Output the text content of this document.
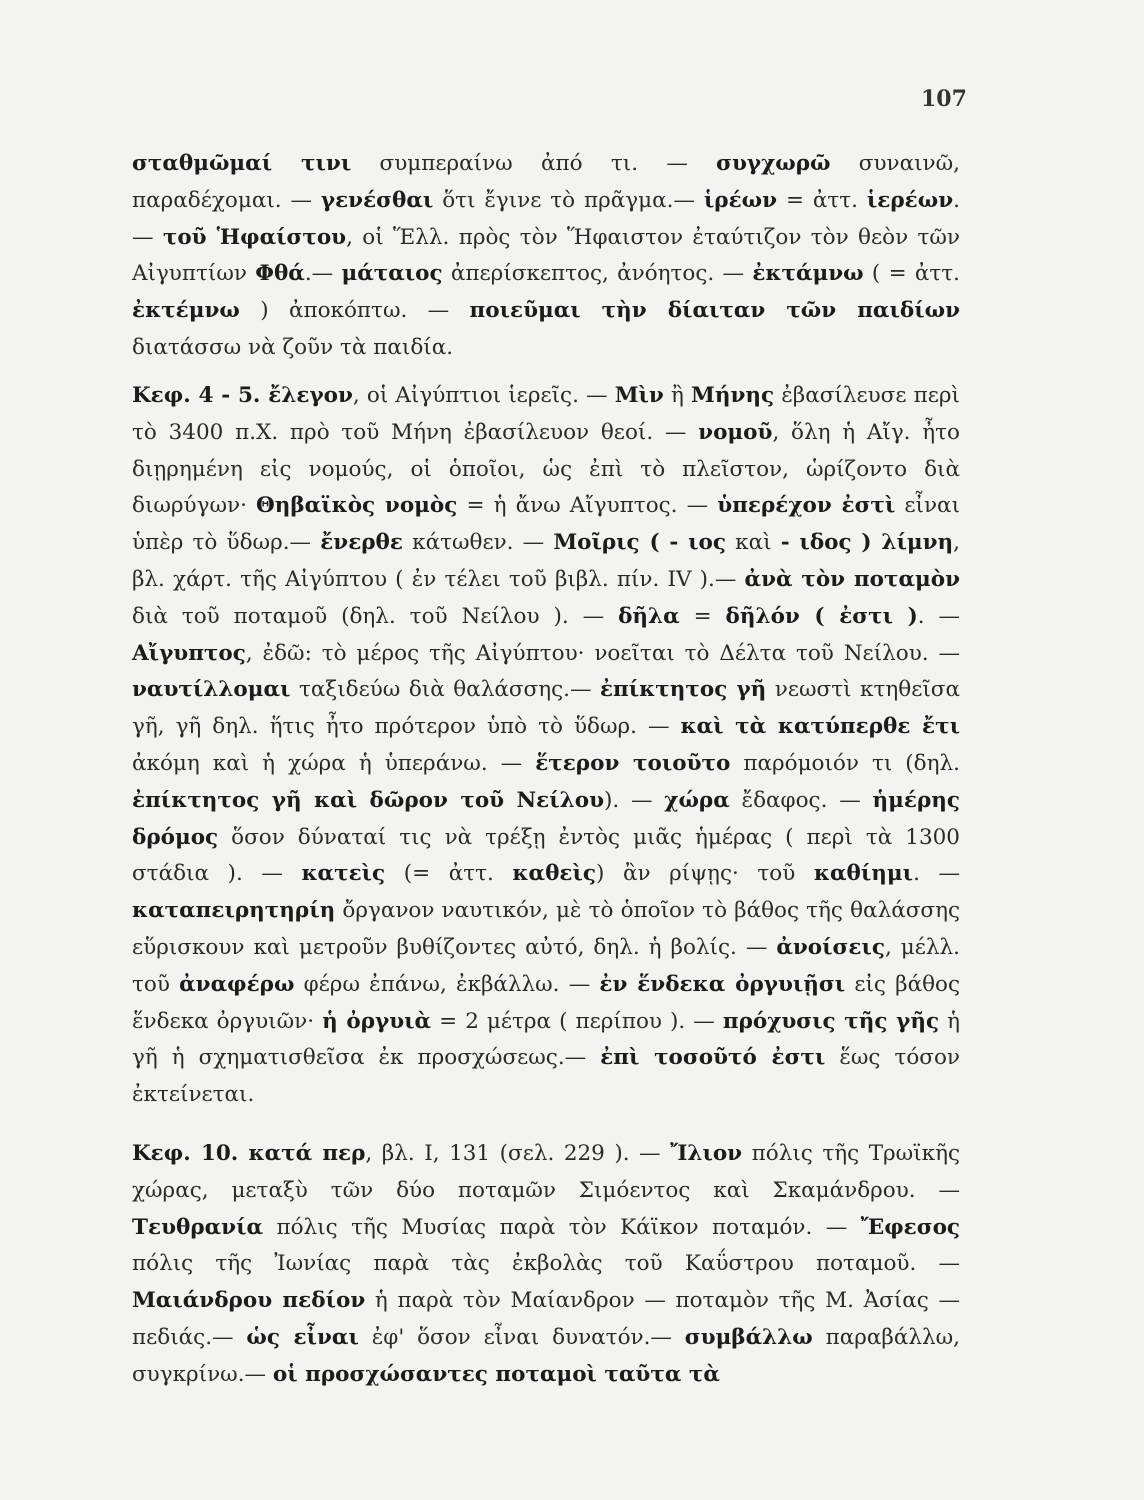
107

σταθμῶμαί τινι συμπεραίνω ἀπό τι. — συγχωρῶ συναινῶ, παραδέχομαι. — γενέσθαι ὅτι ἔγινε τὸ πρᾶγμα.— ἱρέων = ἀττ. ἱερέων.— τοῦ Ἡφαίστου, οἱ Ἕλλ. πρὸς τὸν Ἥφαιστον ἐταύτιζον τὸν θεὸν τῶν Αἰγυπτίων Φθά.— μάταιος ἀπερίσκεπτος, ἀνόητος. — ἐκτάμνω ( = ἀττ. ἐκτέμνω ) ἀποκόπτω. — ποιεῦμαι τὴν δίαιταν τῶν παιδίων διατάσσω νὰ ζοῦν τὰ παιδία.

Κεφ. 4 - 5. ἔλεγον, οἱ Αἰγύπτιοι ἱερεῖς. — Μὶν ἢ Μήνης ἐβασίλευσε περὶ τὸ 3400 π.Χ. πρὸ τοῦ Μήνη ἐβασίλευον θεοί. — νομοῦ, ὅλη ἡ Αἴγ. ἦτο διῃρημένη εἰς νομούς, οἱ ὁποῖοι, ὡς ἐπὶ τὸ πλεῖστον, ὡρίζοντο διὰ διωρύγων· Θηβαϊκὸς νομὸς = ἡ ἄνω Αἴγυπτος. — ὑπερέχον ἐστὶ εἶναι ὑπὲρ τὸ ὕδωρ.— ἔνερθε κάτωθεν. — Μοῖρις ( - ιος καὶ - ιδος ) λίμνη, βλ. χάρτ. τῆς Αἰγύπτου ( ἐν τέλει τοῦ βιβλ. πίν. IV ).— ἀνὰ τὸν ποταμὸν διὰ τοῦ ποταμοῦ (δηλ. τοῦ Νείλου ). — δῆλα = δῆλόν ( ἐστι ). — Αἴγυπτος, ἐδῶ: τὸ μέρος τῆς Αἰγύπτου· νοεῖται τὸ Δέλτα τοῦ Νείλου. — ναυτίλλομαι ταξιδεύω διὰ θαλάσσης.— ἐπίκτητος γῆ νεωστὶ κτηθεῖσα γῆ, γῆ δηλ. ἥτις ἦτο πρότερον ὑπὸ τὸ ὕδωρ. — καὶ τὰ κατύπερθε ἔτι ἀκόμη καὶ ἡ χώρα ἡ ὑπεράνω. — ἕτερον τοιοῦτο παρόμοιόν τι (δηλ. ἐπίκτητος γῆ καὶ δῶρον τοῦ Νείλου). — χώρα ἔδαφος. — ἡμέρης δρόμος ὅσον δύναταί τις νὰ τρέξῃ ἐντὸς μιᾶς ἡμέρας ( περὶ τὰ 1300 στάδια ). — κατεὶς (= ἀττ. καθεὶς) ἂν ρίψῃς· τοῦ καθίημι. — καταπειρητηρίη ὄργανον ναυτικόν, μὲ τὸ ὁποῖον τὸ βάθος τῆς θαλάσσης εὕρισκουν καὶ μετροῦν βυθίζοντες αὐτό, δηλ. ἡ βολίς. — ἀνοίσεις, μέλλ. τοῦ ἀναφέρω φέρω ἐπάνω, ἐκβάλλω. — ἐν ἕνδεκα ὀργυιῇσι εἰς βάθος ἕνδεκα ὀργυιῶν· ἡ ὀργυιὰ = 2 μέτρα ( περίπου ). — πρόχυσις τῆς γῆς ἡ γῆ ἡ σχηματισθεῖσα ἐκ προσχώσεως.— ἐπὶ τοσοῦτό ἐστι ἕως τόσον ἐκτείνεται.

Κεφ. 10. κατά περ, βλ. I, 131 (σελ. 229 ). — Ἴλιον πόλις τῆς Τρωϊκῆς χώρας, μεταξὺ τῶν δύο ποταμῶν Σιμόεντος καὶ Σκαμάνδρου. — Τευθρανία πόλις τῆς Μυσίας παρὰ τὸν Κάϊκον ποταμόν. — Ἔφεσος πόλις τῆς Ἰωνίας παρὰ τὰς ἐκβολὰς τοῦ Καΰστρου ποταμοῦ. — Μαιάνδρου πεδίον ἡ παρὰ τὸν Μαίανδρον — ποταμὸν τῆς Μ. Ἀσίας — πεδιάς.— ὡς εἶναι ἐφ' ὅσον εἶναι δυνατόν.— συμβάλλω παραβάλλω, συγκρίνω.— οἱ προσχώσαντες ποταμοὶ ταῦτα τὰ
